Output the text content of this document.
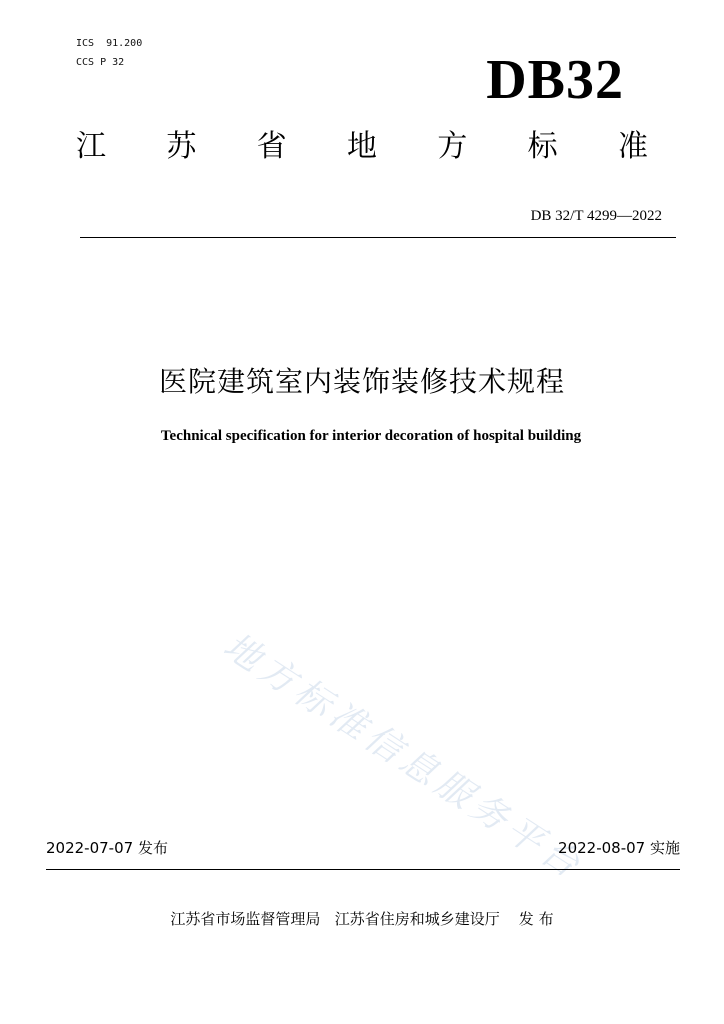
ICS  91.200
CCS P 32	DB32
江 苏 省 地 方 标 准
DB 32/T 4299—2022
医院建筑室内装饰装修技术规程
Technical specification for interior decoration of hospital building
地方标准信息服务平台
2022-07-07 发布	2022-08-07 实施
江苏省市场监督管理局   江苏省住房和城乡建设厅    发 布
